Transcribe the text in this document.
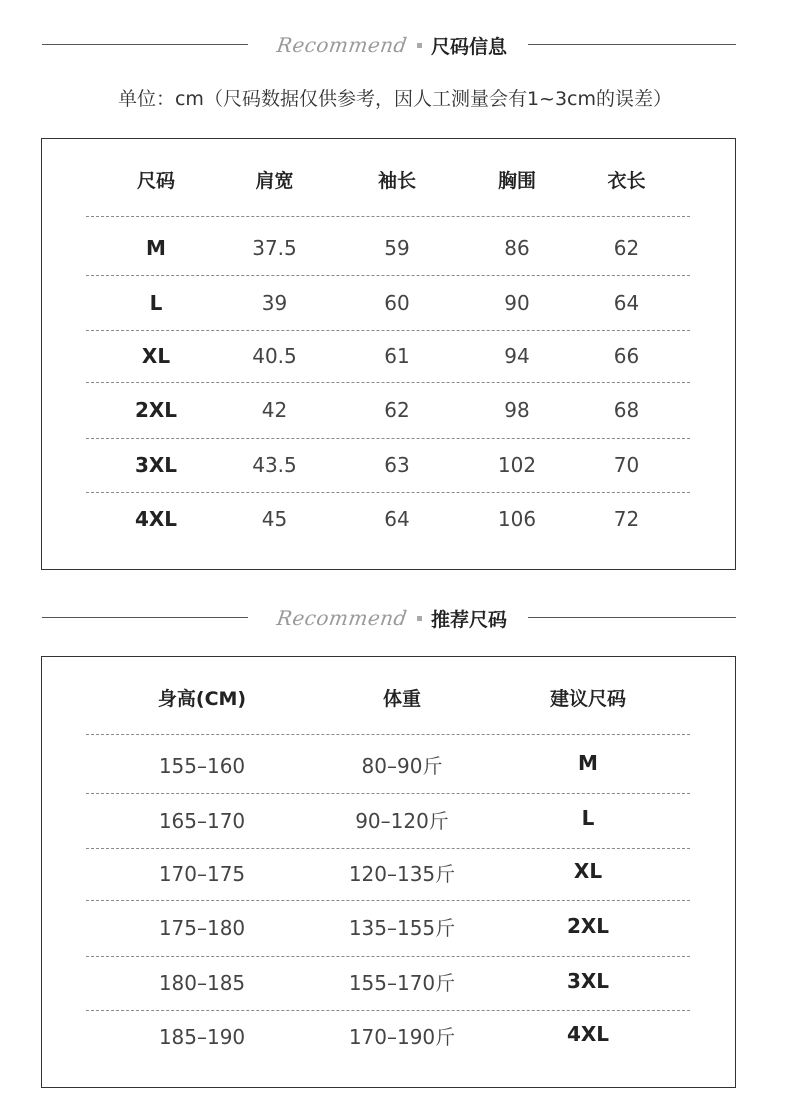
Recommend 尺码信息
单位：cm（尺码数据仅供参考，因人工测量会有1~3cm的误差）
尺码	肩宽	袖长	胸围	衣长
M	37.5	59	86	62
L	39	60	90	64
XL	40.5	61	94	66
2XL	42	62	98	68
3XL	43.5	63	102	70
4XL	45	64	106	72
Recommend 推荐尺码
身高(CM)	体重	建议尺码
155–160	80–90斤	M
165–170	90–120斤	L
170–175	120–135斤	XL
175–180	135–155斤	2XL
180–185	155–170斤	3XL
185–190	170–190斤	4XL
